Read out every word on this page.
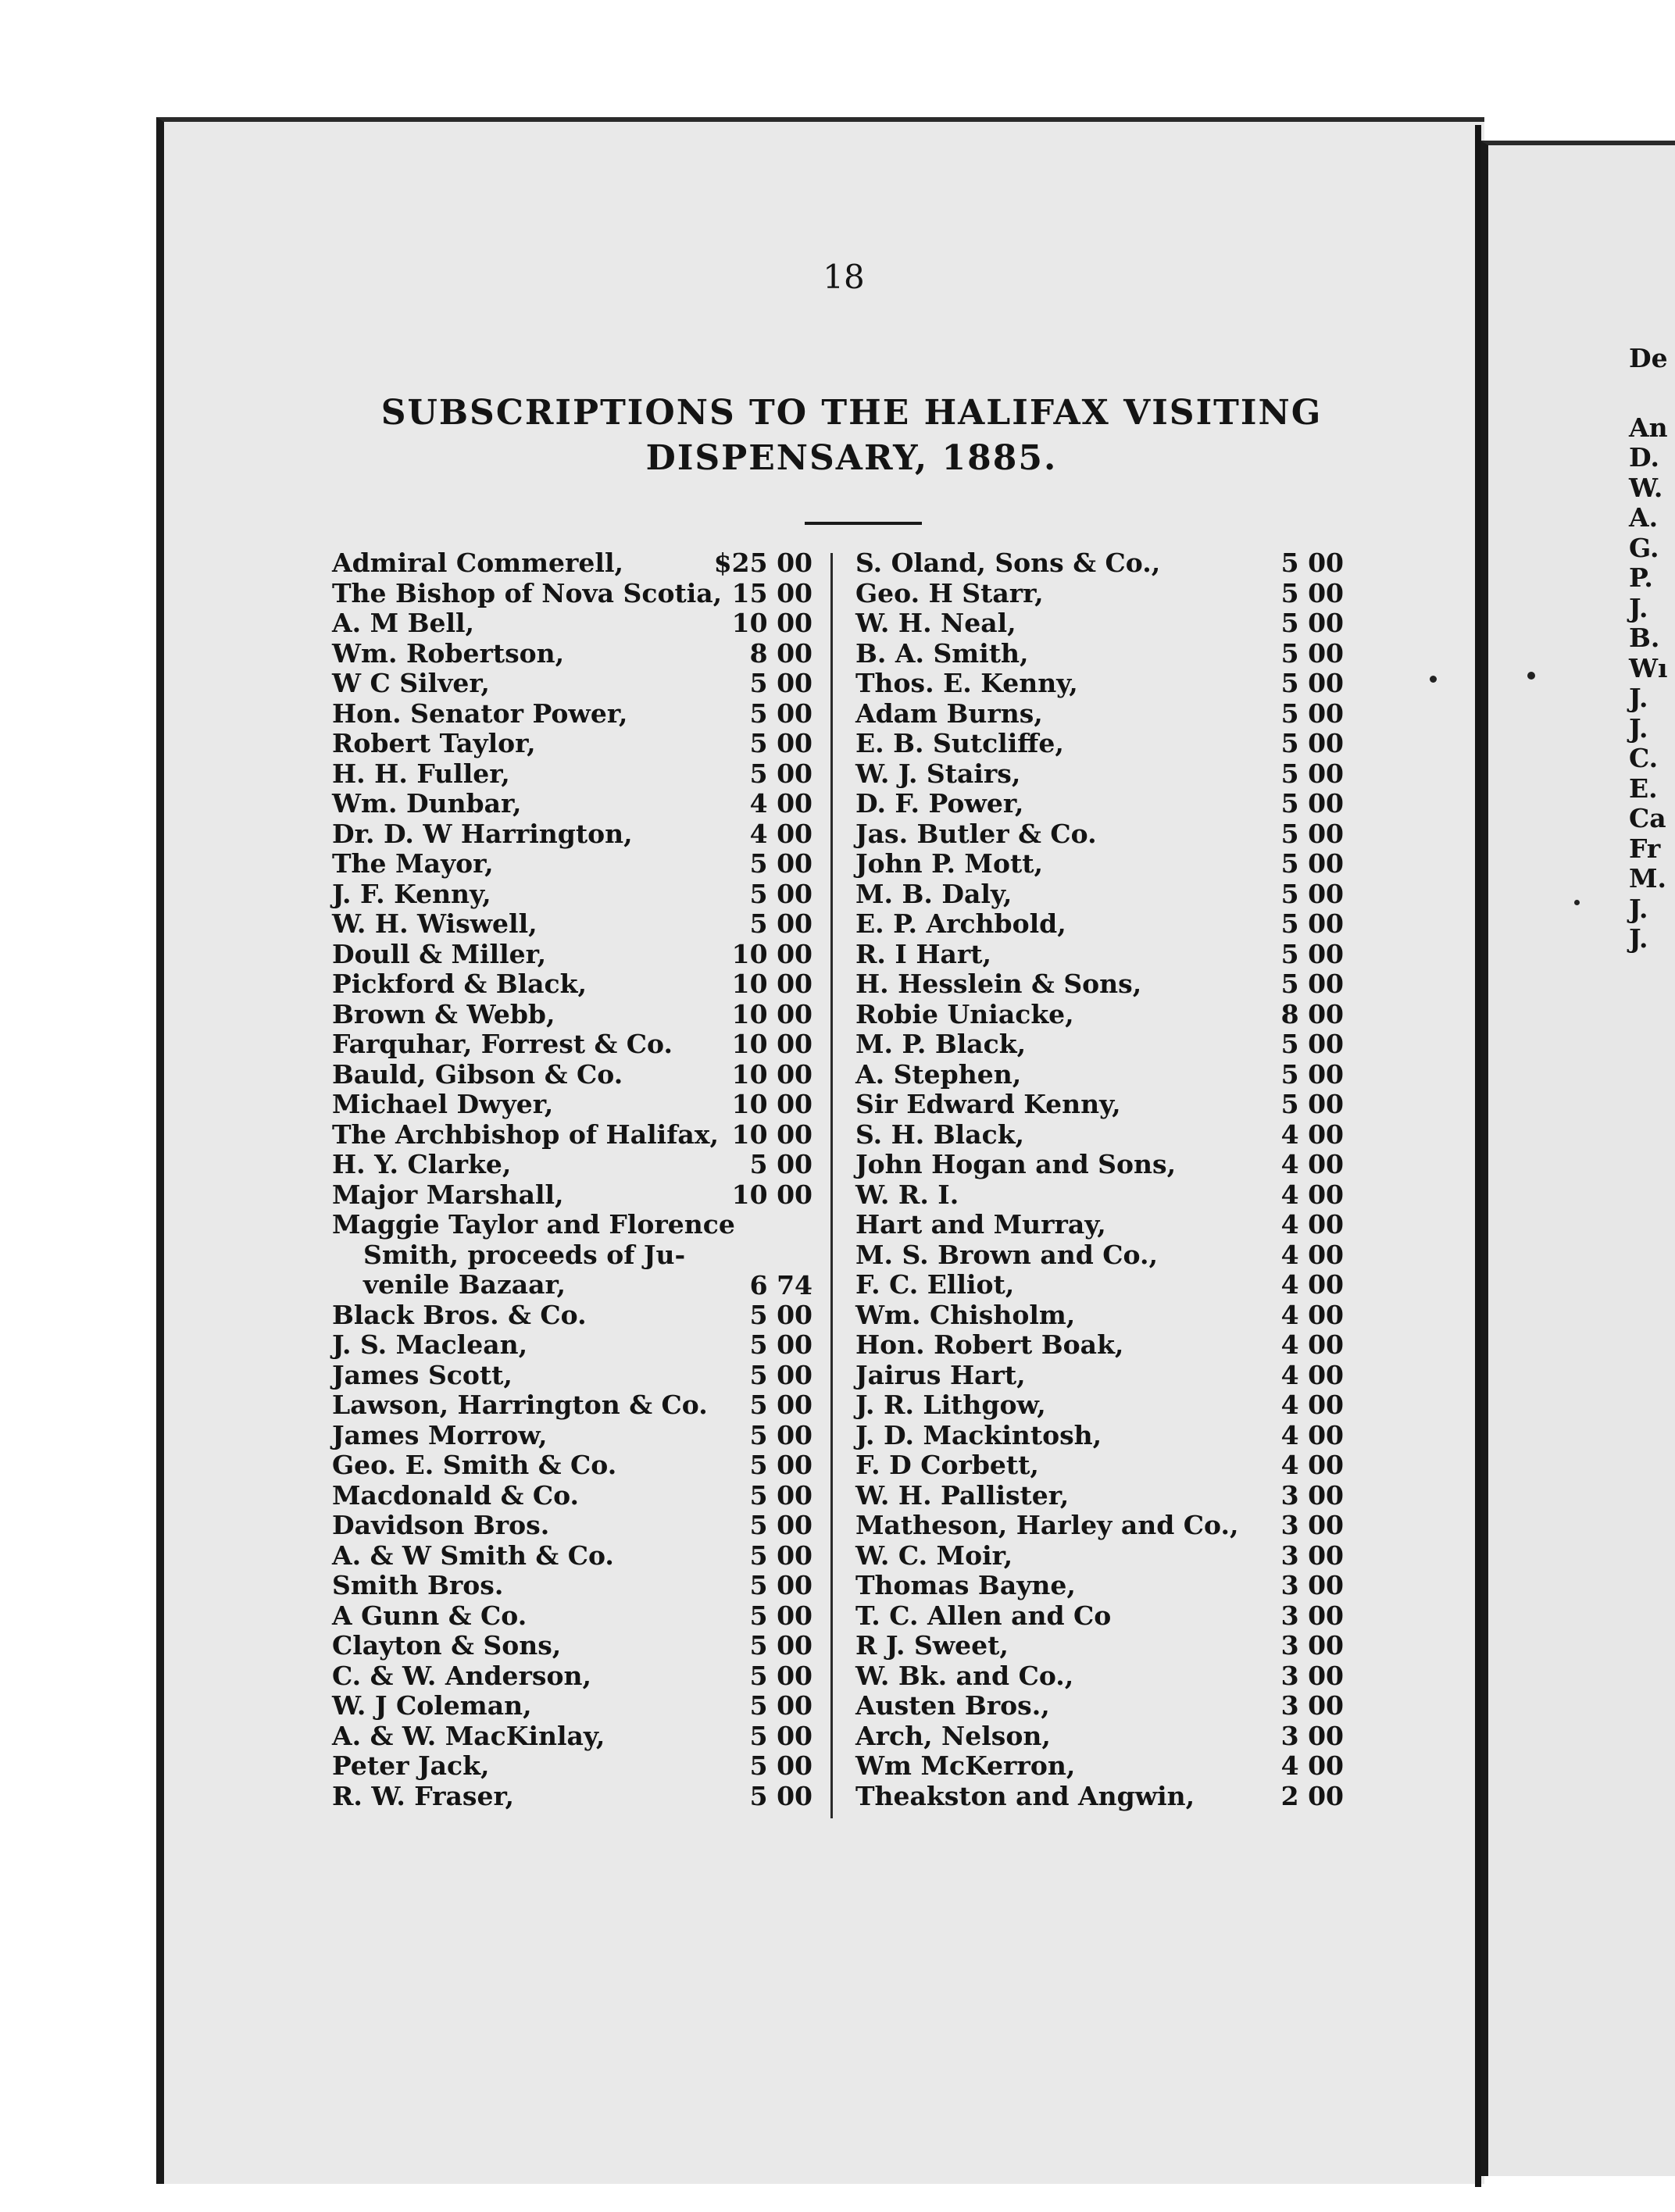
18
SUBSCRIPTIONS TO THE HALIFAX VISITING
DISPENSARY, 1885.
Admiral Commerell,	$25 00
The Bishop of Nova Scotia, 15 00
A. M Bell,	10 00
Wm. Robertson,	8 00
W C Silver,	5 00
Hon. Senator Power,	5 00
Robert Taylor,	5 00
H. H. Fuller,	5 00
Wm. Dunbar,	4 00
Dr. D. W Harrington,	4 00
The Mayor,	5 00
J. F. Kenny,	5 00
W. H. Wiswell,	5 00
Doull & Miller,	10 00
Pickford & Black,	10 00
Brown & Webb,	10 00
Farquhar, Forrest & Co. 10 00
Bauld, Gibson & Co.	10 00
Michael Dwyer,	10 00
The Archbishop of Halifax, 10 00
H. Y. Clarke,	5 00
Major Marshall,	10 00
Maggie Taylor and Florence
Smith, proceeds of Ju-
venile Bazaar,	6 74
Black Bros. & Co.	5 00
J. S. Maclean,	5 00
James Scott,	5 00
Lawson, Harrington & Co. 5 00
James Morrow,	5 00
Geo. E. Smith & Co.	5 00
Macdonald & Co.	5 00
Davidson Bros.	5 00
A. & W Smith & Co.	5 00
Smith Bros.	5 00
A Gunn & Co.	5 00
Clayton & Sons,	5 00
C. & W. Anderson,	5 00
W. J Coleman,	5 00
A. & W. MacKinlay,	5 00
Peter Jack,	5 00
R. W. Fraser,	5 00
S. Oland, Sons & Co.,	5 00
Geo. H Starr,	5 00
W. H. Neal,	5 00
B. A. Smith,	5 00
Thos. E. Kenny,	5 00
Adam Burns,	5 00
E. B. Sutcliffe,	5 00
W. J. Stairs,	5 00
D. F. Power,	5 00
Jas. Butler & Co.	5 00
John P. Mott,	5 00
M. B. Daly,	5 00
E. P. Archbold,	5 00
R. I Hart,	5 00
H. Hesslein & Sons,	5 00
Robie Uniacke,	8 00
M. P. Black,	5 00
A. Stephen,	5 00
Sir Edward Kenny,	5 00
S. H. Black,	4 00
John Hogan and Sons,	4 00
W. R. I.	4 00
Hart and Murray,	4 00
M. S. Brown and Co.,	4 00
F. C. Elliot,	4 00
Wm. Chisholm,	4 00
Hon. Robert Boak,	4 00
Jairus Hart,	4 00
J. R. Lithgow,	4 00
J. D. Mackintosh,	4 00
F. D Corbett,	4 00
W. H. Pallister,	3 00
Matheson, Harley and Co., 3 00
W. C. Moir,	3 00
Thomas Bayne,	3 00
T. C. Allen and Co	3 00
R J. Sweet,	3 00
W. Bk. and Co.,	3 00
Austen Bros.,	3 00
Arch, Nelson,	3 00
Wm McKerron,	4 00
Theakston and Angwin,	2 00
De
An
D.
W.
A.
G.
P.
J.
B.
Wı
J.
J.
C.
E.
Ca
Fr
M.
J.
J.
